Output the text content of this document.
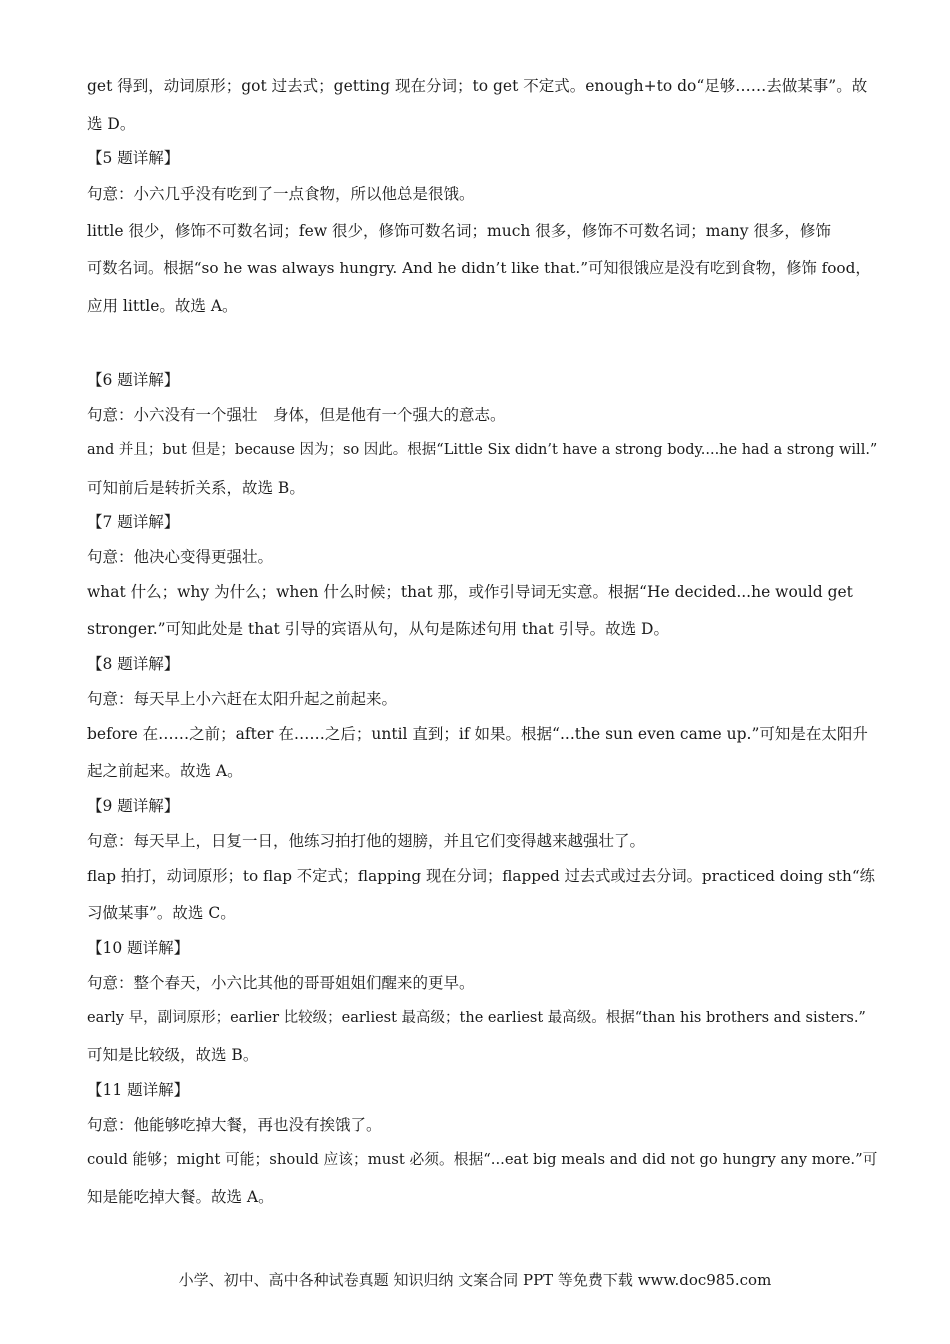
get 得到，动词原形；got 过去式；getting 现在分词；to get 不定式。enough+to do“足够……去做某事”。故
选 D。
【5 题详解】
句意：小六几乎没有吃到了一点食物，所以他总是很饿。
little 很少，修饰不可数名词；few 很少，修饰可数名词；much 很多，修饰不可数名词；many 很多，修饰
可数名词。根据“so he was always hungry. And he didn’t like that.”可知很饿应是没有吃到食物，修饰 food，
应用 little。故选 A。
【6 题详解】
句意：小六没有一个强壮　身体，但是他有一个强大的意志。
and 并且；but 但是；because 因为；so 因此。根据“Little Six didn’t have a strong body....he had a strong will.”
可知前后是转折关系，故选 B。
【7 题详解】
句意：他决心变得更强壮。
what 什么；why 为什么；when 什么时候；that 那，或作引导词无实意。根据“He decided...he would get
stronger.”可知此处是 that 引导的宾语从句，从句是陈述句用 that 引导。故选 D。
【8 题详解】
句意：每天早上小六赶在太阳升起之前起来。
before 在……之前；after 在……之后；until 直到；if 如果。根据“...the sun even came up.”可知是在太阳升
起之前起来。故选 A。
【9 题详解】
句意：每天早上，日复一日，他练习拍打他的翅膀，并且它们变得越来越强壮了。
flap 拍打，动词原形；to flap 不定式；flapping 现在分词；flapped 过去式或过去分词。practiced doing sth“练
习做某事”。故选 C。
【10 题详解】
句意：整个春天，小六比其他的哥哥姐姐们醒来的更早。
early 早，副词原形；earlier 比较级；earliest 最高级；the earliest 最高级。根据“than his brothers and sisters.”
可知是比较级，故选 B。
【11 题详解】
句意：他能够吃掉大餐，再也没有挨饿了。
could 能够；might 可能；should 应该；must 必须。根据“...eat big meals and did not go hungry any more.”可
知是能吃掉大餐。故选 A。
小学、初中、高中各种试卷真题 知识归纳 文案合同 PPT 等免费下载 www.doc985.com
